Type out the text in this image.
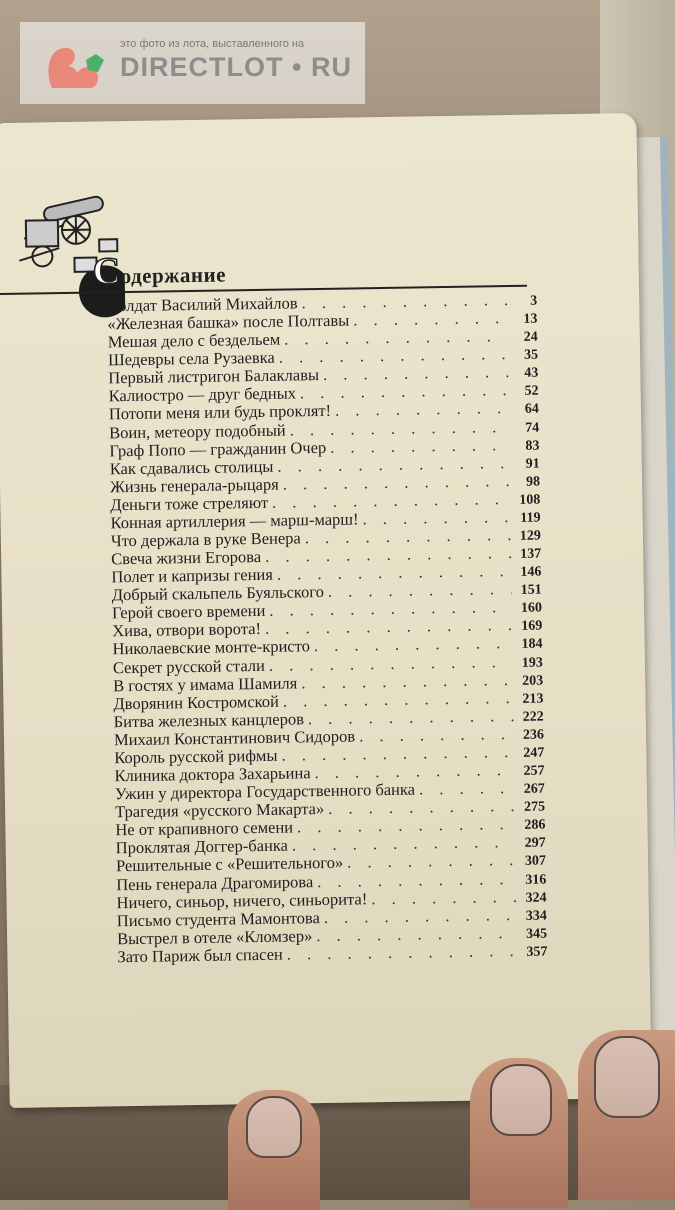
Содержание
Солдат Василий Михайлов . . .	3
«Железная башка» после Полтавы . . .	13
Мешая дело с бездельем . . .	24
Шедевры села Рузаевка . . .	35
Первый листригон Балаклавы . . .	43
Калиостро — друг бедных . . .	52
Потопи меня или будь проклят! . . .	64
Воин, метеору подобный . . .	74
Граф Попо — гражданин Очер . . .	83
Как сдавались столицы . . .	91
Жизнь генерала-рыцаря . . .	98
Деньги тоже стреляют . . .	108
Конная артиллерия — марш-марш! . . .	119
Что держала в руке Венера . . .	129
Свеча жизни Егорова . . .	137
Полет и капризы гения . . .	146
Добрый скальпель Буяльского . . .	151
Герой своего времени . . .	160
Хива, отвори ворота! . . .	169
Николаевские монте-кристо . . .	184
Секрет русской стали . . .	193
В гостях у имама Шамиля . . .	203
Дворянин Костромской . . .	213
Битва железных канцлеров . . .	222
Михаил Константинович Сидоров . . .	236
Король русской рифмы . . .	247
Клиника доктора Захарьина . . .	257
Ужин у директора Государственного банка . . .	267
Трагедия «русского Макарта» . . .	275
Не от крапивного семени . . .	286
Проклятая Доггер-банка . . .	297
Решительные с «Решительного» . . .	307
Пень генерала Драгомирова . . .	316
Ничего, синьор, ничего, синьорита! . . .	324
Письмо студента Мамонтова . . .	334
Выстрел в отеле «Кломзер» . . .	345
Зато Париж был спасен . . .	357
это фото из лота, выставленного на
DIRECTLOT • RU
